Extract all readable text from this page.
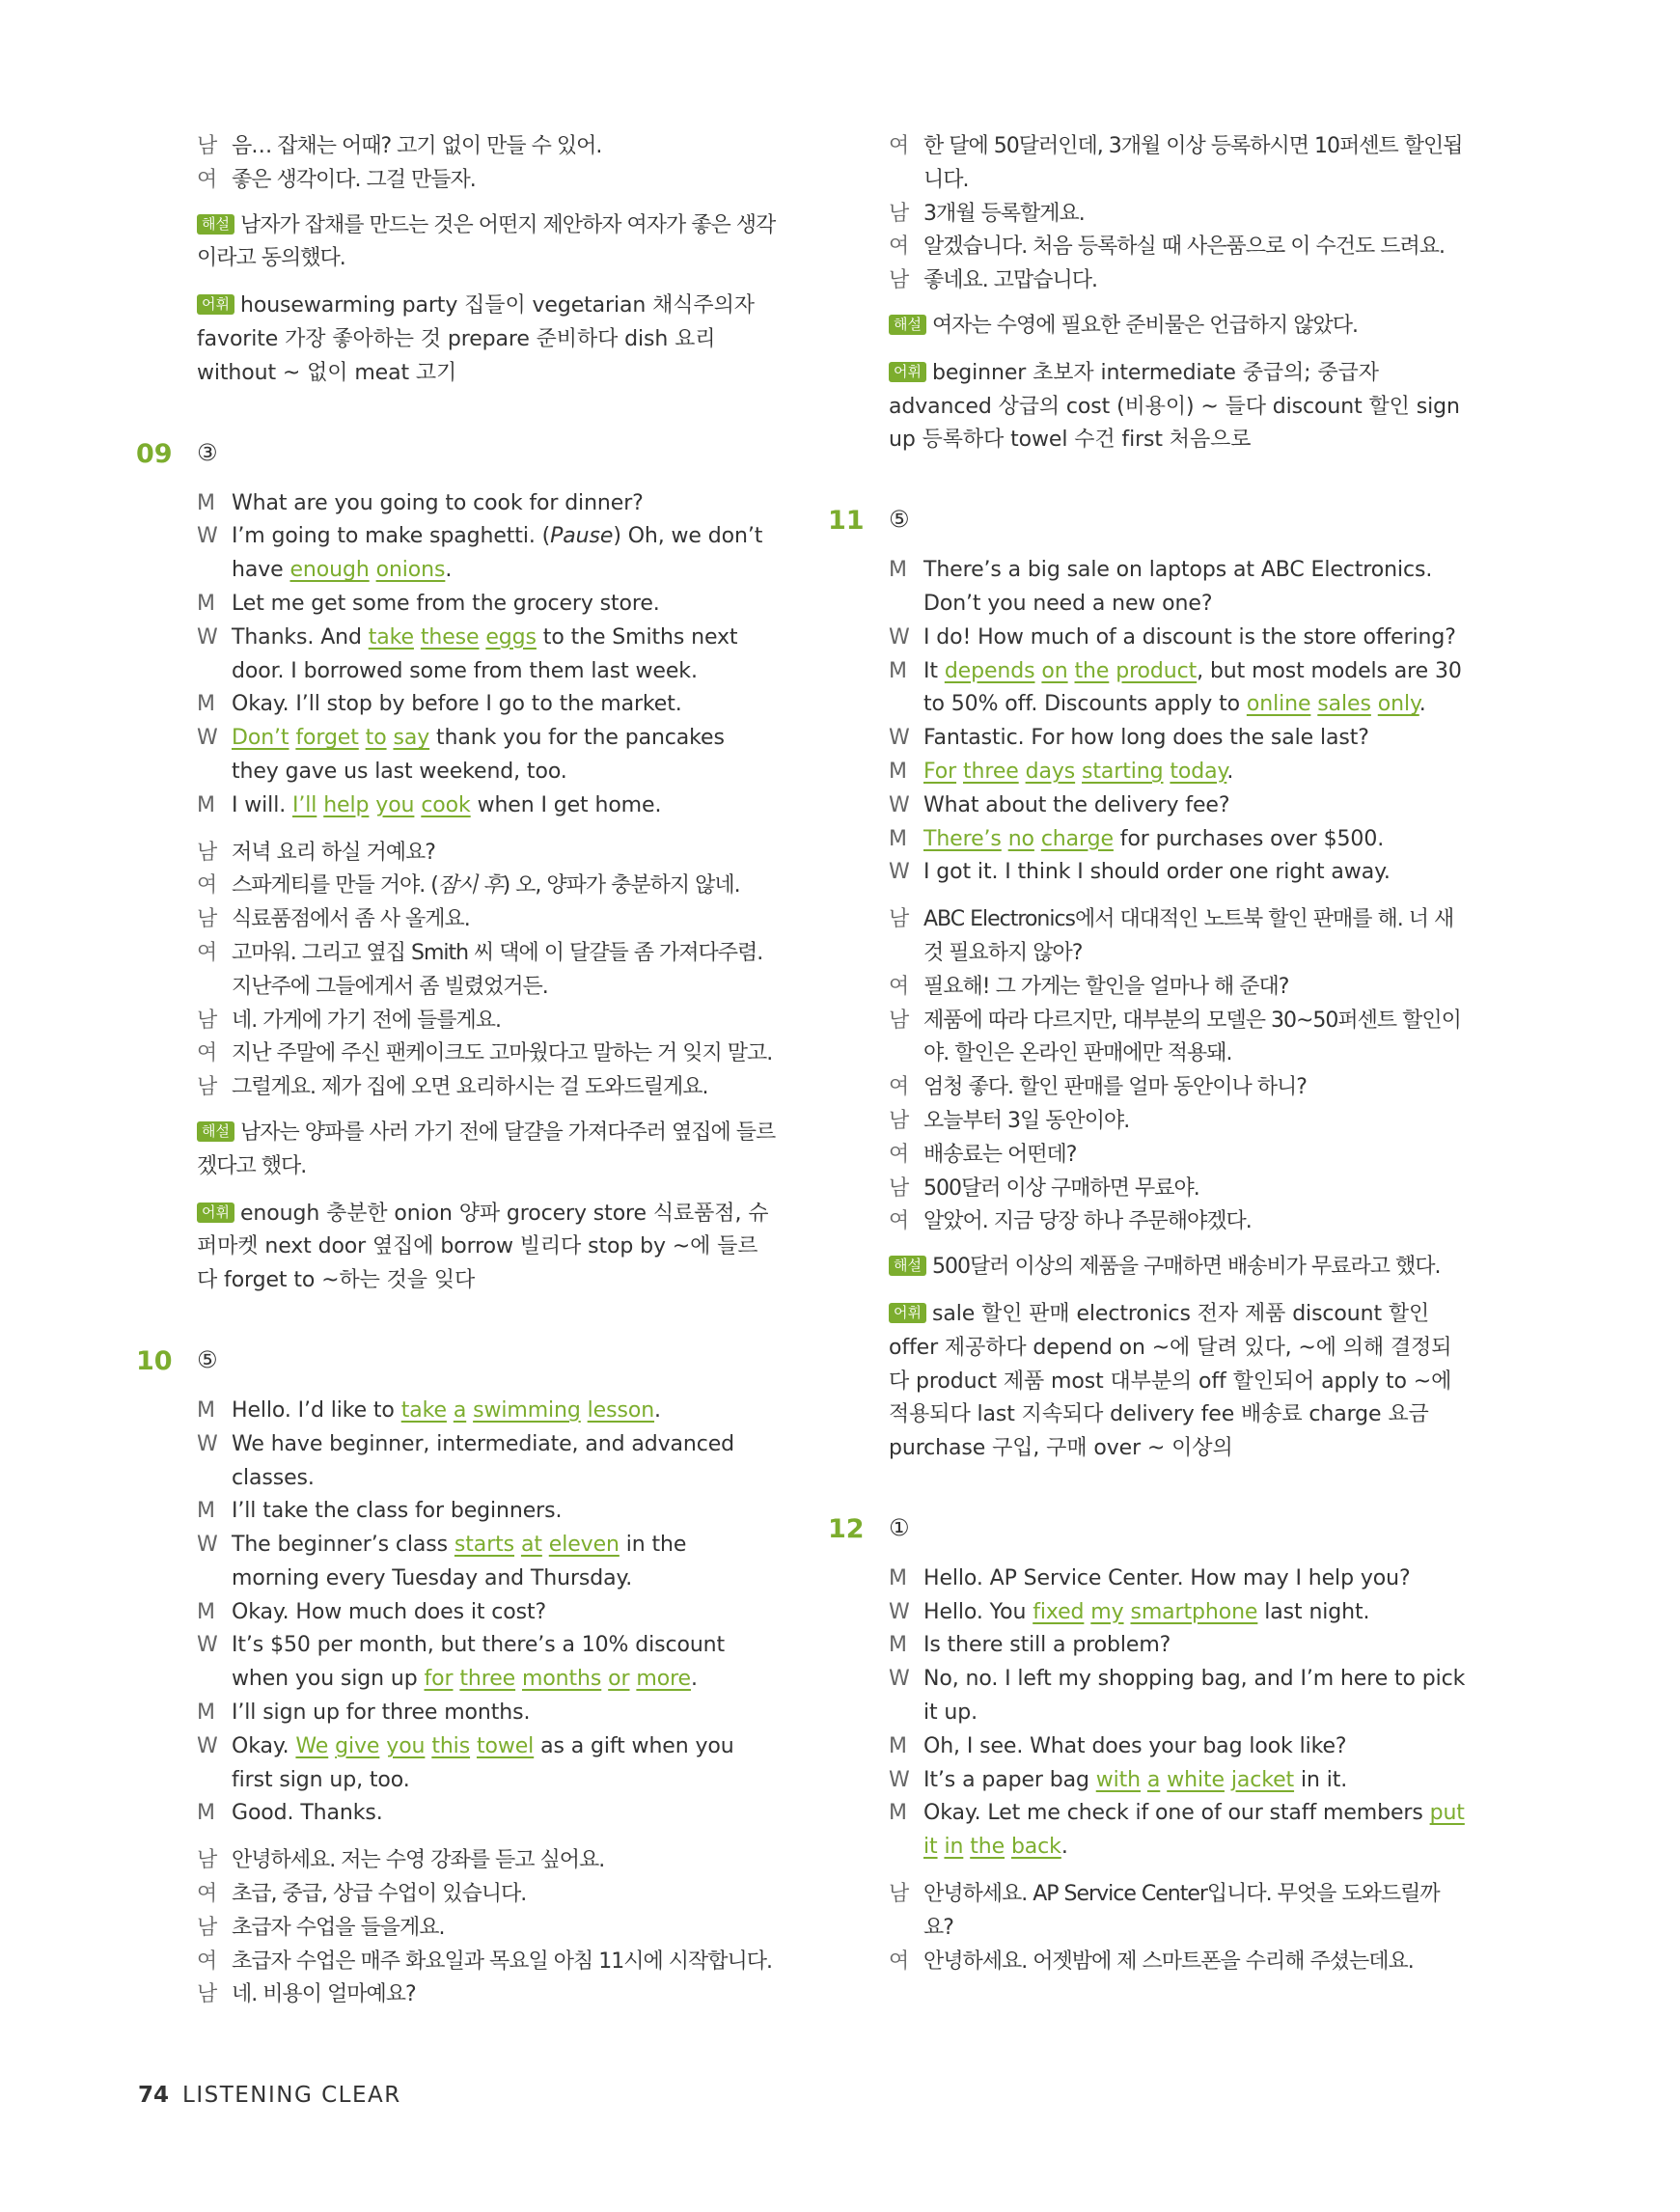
남 음… 잡채는 어때? 고기 없이 만들 수 있어.
여 좋은 생각이다. 그걸 만들자.
해설 남자가 잡채를 만드는 것은 어떤지 제안하자 여자가 좋은 생각이라고 동의했다.
어휘 housewarming party 집들이 vegetarian 채식주의자 favorite 가장 좋아하는 것 prepare 준비하다 dish 요리 without ~ 없이 meat 고기
09 ③
M What are you going to cook for dinner?
W I’m going to make spaghetti. (Pause) Oh, we don’t have enough onions.
M Let me get some from the grocery store.
W Thanks. And take these eggs to the Smiths next door. I borrowed some from them last week.
M Okay. I’ll stop by before I go to the market.
W Don’t forget to say thank you for the pancakes they gave us last weekend, too.
M I will. I’ll help you cook when I get home.
남 저녁 요리 하실 거예요?
여 스파게티를 만들 거야. (잠시 후) 오, 양파가 충분하지 않네.
남 식료품점에서 좀 사 올게요.
여 고마워. 그리고 옆집 Smith 씨 댁에 이 달걀들 좀 가져다주렴. 지난주에 그들에게서 좀 빌렸었거든.
남 네. 가게에 가기 전에 들를게요.
여 지난 주말에 주신 팬케이크도 고마웠다고 말하는 거 잊지 말고.
남 그럴게요. 제가 집에 오면 요리하시는 걸 도와드릴게요.
해설 남자는 양파를 사러 가기 전에 달걀을 가져다주러 옆집에 들르겠다고 했다.
어휘 enough 충분한 onion 양파 grocery store 식료품점, 슈퍼마켓 next door 옆집에 borrow 빌리다 stop by ~에 들르다 forget to ~하는 것을 잊다
10 ⑤
M Hello. I’d like to take a swimming lesson.
W We have beginner, intermediate, and advanced classes.
M I’ll take the class for beginners.
W The beginner’s class starts at eleven in the morning every Tuesday and Thursday.
M Okay. How much does it cost?
W It’s $50 per month, but there’s a 10% discount when you sign up for three months or more.
M I’ll sign up for three months.
W Okay. We give you this towel as a gift when you first sign up, too.
M Good. Thanks.
남 안녕하세요. 저는 수영 강좌를 듣고 싶어요.
여 초급, 중급, 상급 수업이 있습니다.
남 초급자 수업을 들을게요.
여 초급자 수업은 매주 화요일과 목요일 아침 11시에 시작합니다.
남 네. 비용이 얼마예요?
여 한 달에 50달러인데, 3개월 이상 등록하시면 10퍼센트 할인됩니다.
남 3개월 등록할게요.
여 알겠습니다. 처음 등록하실 때 사은품으로 이 수건도 드려요.
남 좋네요. 고맙습니다.
해설 여자는 수영에 필요한 준비물은 언급하지 않았다.
어휘 beginner 초보자 intermediate 중급의; 중급자 advanced 상급의 cost (비용이) ~ 들다 discount 할인 sign up 등록하다 towel 수건 first 처음으로
11 ⑤
M There’s a big sale on laptops at ABC Electronics. Don’t you need a new one?
W I do! How much of a discount is the store offering?
M It depends on the product, but most models are 30 to 50% off. Discounts apply to online sales only.
W Fantastic. For how long does the sale last?
M For three days starting today.
W What about the delivery fee?
M There’s no charge for purchases over $500.
W I got it. I think I should order one right away.
남 ABC Electronics에서 대대적인 노트북 할인 판매를 해. 너 새것 필요하지 않아?
여 필요해! 그 가게는 할인을 얼마나 해 준대?
남 제품에 따라 다르지만, 대부분의 모델은 30~50퍼센트 할인이야. 할인은 온라인 판매에만 적용돼.
여 엄청 좋다. 할인 판매를 얼마 동안이나 하니?
남 오늘부터 3일 동안이야.
여 배송료는 어떤데?
남 500달러 이상 구매하면 무료야.
여 알았어. 지금 당장 하나 주문해야겠다.
해설 500달러 이상의 제품을 구매하면 배송비가 무료라고 했다.
어휘 sale 할인 판매 electronics 전자 제품 discount 할인 offer 제공하다 depend on ~에 달려 있다, ~에 의해 결정되다 product 제품 most 대부분의 off 할인되어 apply to ~에 적용되다 last 지속되다 delivery fee 배송료 charge 요금 purchase 구입, 구매 over ~ 이상의
12 ①
M Hello. AP Service Center. How may I help you?
W Hello. You fixed my smartphone last night.
M Is there still a problem?
W No, no. I left my shopping bag, and I’m here to pick it up.
M Oh, I see. What does your bag look like?
W It’s a paper bag with a white jacket in it.
M Okay. Let me check if one of our staff members put it in the back.
남 안녕하세요. AP Service Center입니다. 무엇을 도와드릴까요?
여 안녕하세요. 어젯밤에 제 스마트폰을 수리해 주셨는데요.
74 LISTENING CLEAR
